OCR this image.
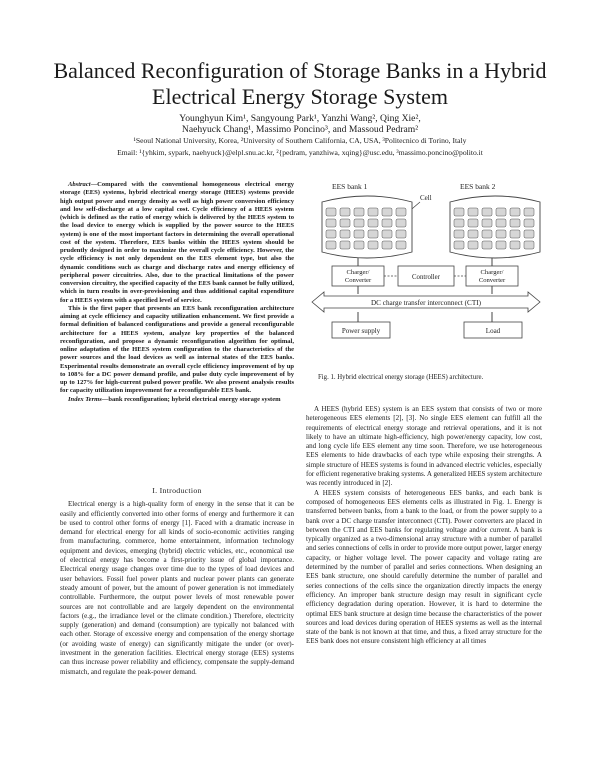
Balanced Reconfiguration of Storage Banks in a Hybrid Electrical Energy Storage System
Younghyun Kim¹, Sangyoung Park¹, Yanzhi Wang², Qing Xie²,
Naehyuck Chang¹, Massimo Poncino³, and Massoud Pedram²
¹Seoul National University, Korea, ²University of Southern California, CA, USA, ³Politecnico di Torino, Italy
Email: ¹{yhkim, sypark, naehyuck}@elpl.snu.ac.kr, ²{pedram, yanzhiwa, xqing}@usc.edu, ³massimo.poncino@polito.it

Abstract—Compared with the conventional homogeneous electrical energy storage (EES) systems, hybrid electrical energy storage (HEES) systems provide high output power and energy density as well as high power conversion efficiency and low self-discharge at a low capital cost. Cycle efficiency of a HEES system (which is defined as the ratio of energy which is delivered by the HEES system to the load device to energy which is supplied by the power source to the HEES system) is one of the most important factors in determining the overall operational cost of the system. Therefore, EES banks within the HEES system should be prudently designed in order to maximize the overall cycle efficiency. However, the cycle efficiency is not only dependent on the EES element type, but also the dynamic conditions such as charge and discharge rates and energy efficiency of peripheral power circuitries. Also, due to the practical limitations of the power conversion circuitry, the specified capacity of the EES bank cannot be fully utilized, which in turn results in over-provisioning and thus additional capital expenditure for a HEES system with a specified level of service.

This is the first paper that presents an EES bank reconfiguration architecture aiming at cycle efficiency and capacity utilization enhancement. We first provide a formal definition of balanced configurations and provide a general reconfigurable architecture for a HEES system, analyze key properties of the balanced reconfiguration, and propose a dynamic reconfiguration algorithm for optimal, online adaptation of the HEES system configuration to the characteristics of the power sources and the load devices as well as internal states of the EES banks. Experimental results demonstrate an overall cycle efficiency improvement of by up to 108% for a DC power demand profile, and pulse duty cycle improvement of by up to 127% for high-current pulsed power profile. We also present analysis results for capacity utilization improvement for a reconfigurable EES bank.

Index Terms—bank reconfiguration; hybrid electrical energy storage system

I. Introduction

Electrical energy is a high-quality form of energy in the sense that it can be easily and efficiently converted into other forms of energy and furthermore it can be used to control other forms of energy [1]. Faced with a dramatic increase in demand for electrical energy for all kinds of socio-economic activities ranging from manufacturing, commerce, home entertainment, information technology equipment and devices, emerging (hybrid) electric vehicles, etc., economical use of electrical energy has become a first-priority issue of global importance. Electrical energy usage changes over time due to the types of load devices and user behaviors. Fossil fuel power plants and nuclear power plants can generate steady amount of power, but the amount of power generation is not immediately controllable. Furthermore, the output power levels of most renewable power sources are not controllable and are largely dependent on the environmental factors (e.g., the irradiance level or the climate condition.) Therefore, electricity supply (generation) and demand (consumption) are typically not balanced with each other. Storage of excessive energy and compensation of the energy shortage (or avoiding waste of energy) can significantly mitigate the under (or over)-investment in the generation facilities. Electrical energy storage (EES) systems can thus increase power reliability and efficiency, compensate the supply-demand mismatch, and regulate the peak-power demand.

EES bank 1	EES bank 2
Cell
Charger/
Converter	Controller
Charger/
Converter
DC charge transfer interconnect (CTI)
Power supply	Load
Fig. 1. Hybrid electrical energy storage (HEES) architecture.

A HEES (hybrid EES) system is an EES system that consists of two or more heterogeneous EES elements [2], [3]. No single EES element can fulfill all the requirements of electrical energy storage and retrieval operations, and it is not likely to have an ultimate high-efficiency, high power/energy capacity, low cost, and long cycle life EES element any time soon. Therefore, we use heterogeneous EES elements to hide drawbacks of each type while exposing their strengths. A simple structure of HEES systems is found in advanced electric vehicles, especially for efficient regenerative braking systems. A generalized HEES system architecture was recently introduced in [2].

A HEES system consists of heterogeneous EES banks, and each bank is composed of homogeneous EES elements cells as illustrated in Fig. 1. Energy is transferred between banks, from a bank to the load, or from the power supply to a bank over a DC charge transfer interconnect (CTI). Power converters are placed in between the CTI and EES banks for regulating voltage and/or current. A bank is typically organized as a two-dimensional array structure with a number of parallel and series connections of cells in order to provide more output power, larger energy capacity, or higher voltage level. The power capacity and voltage rating are determined by the number of parallel and series connections. When designing an EES bank structure, one should carefully determine the number of parallel and series connections of the cells since the organization directly impacts the energy efficiency. An improper bank structure design may result in significant cycle efficiency degradation during operation. However, it is hard to determine the optimal EES bank structure at design time because the characteristics of the power sources and load devices during operation of HEES systems as well as the internal state of the bank is not known at that time, and thus, a fixed array structure for the EES bank does not ensure consistent high efficiency at all times
